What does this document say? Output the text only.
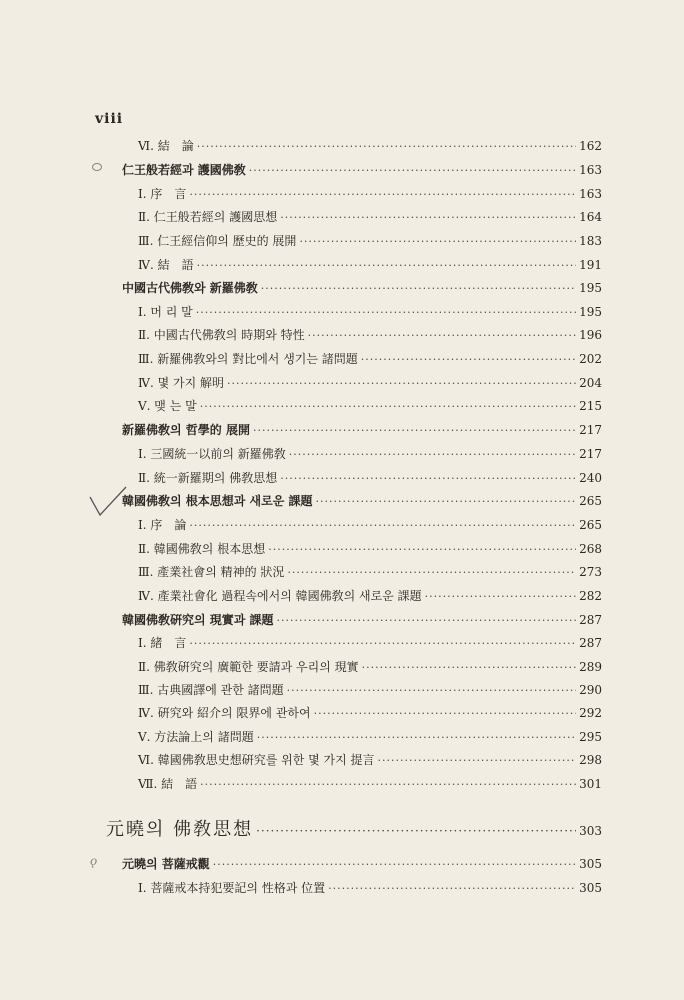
viii
ǫ
Ⅵ. 結　論 ·····	162
仁王般若經과 護國佛敎 ·····	163
Ⅰ. 序　言 ·····	163
Ⅱ. 仁王般若經의 護國思想 ·····	164
Ⅲ. 仁王經信仰의 歷史的 展開 ·····	183
Ⅳ. 結　語 ·····	191
中國古代佛敎와 新羅佛敎 ·····	195
Ⅰ. 머 리 말 ·····	195
Ⅱ. 中國古代佛敎의 時期와 特性 ·····	196
Ⅲ. 新羅佛敎와의 對比에서 생기는 諸問題 ·····	202
Ⅳ. 몇 가지 解明 ·····	204
Ⅴ. 맺 는 말 ·····	215
新羅佛敎의 哲學的 展開 ·····	217
Ⅰ. 三國統一以前의 新羅佛敎 ·····	217
Ⅱ. 統一新羅期의 佛敎思想 ·····	240
韓國佛敎의 根本思想과 새로운 課題 ·····	265
Ⅰ. 序　論 ·····	265
Ⅱ. 韓國佛敎의 根本思想 ·····	268
Ⅲ. 產業社會의 精神的 狀況 ·····	273
Ⅳ. 產業社會化 過程속에서의 韓國佛敎의 새로운 課題 ·····	282
韓國佛敎硏究의 現實과 課題 ·····	287
Ⅰ. 緒　言 ·····	287
Ⅱ. 佛敎硏究의 廣範한 要請과 우리의 現實 ·····	289
Ⅲ. 古典國譯에 관한 諸問題 ·····	290
Ⅳ. 硏究와 紹介의 限界에 관하여 ·····	292
Ⅴ. 方法論上의 諸問題 ·····	295
Ⅵ. 韓國佛敎思史想硏究를 위한 몇 가지 提言 ·····	298
Ⅶ. 結　語 ·····	301
元曉의 佛敎思想 ·····	303
元曉의 菩薩戒觀 ·····	305
Ⅰ. 菩薩戒本持犯要記의 性格과 位置 ·····	305
